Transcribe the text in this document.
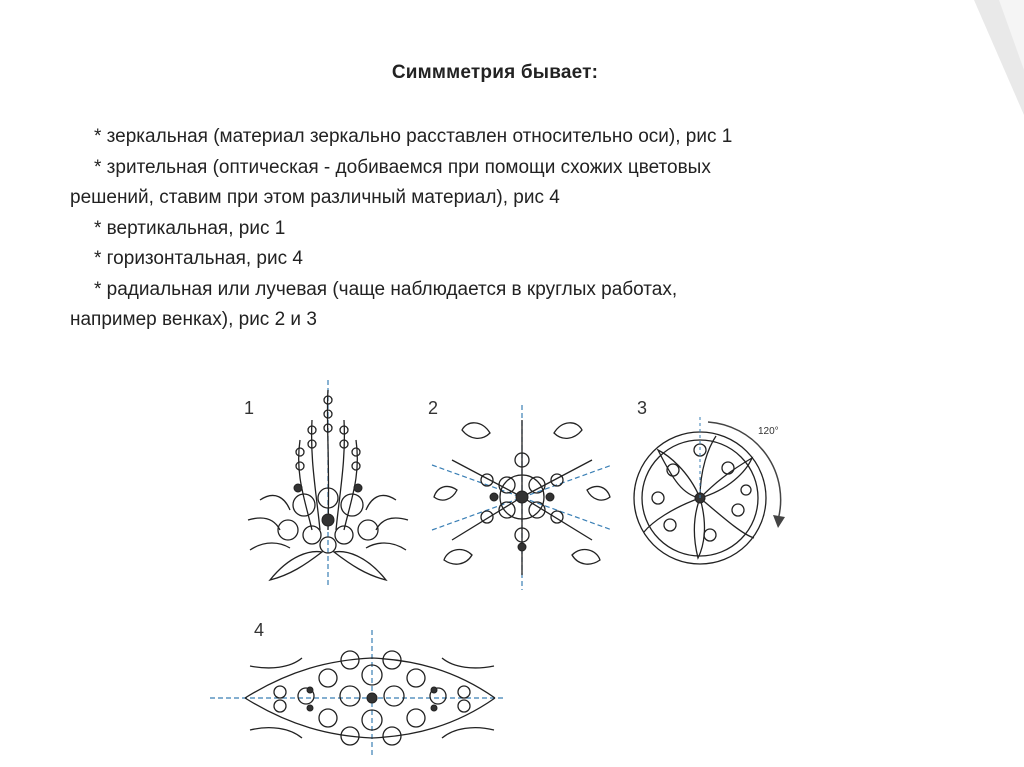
Симмметрия бывает:

* зеркальная (материал зеркально расставлен относительно оси), рис 1

* зрительная (оптическая - добиваемся при помощи схожих цветовых

решений, ставим при этом различный материал), рис 4

* вертикальная, рис 1

* горизонтальная, рис 4

* радиальная или лучевая (чаще наблюдается в круглых работах,

например венках), рис 2 и 3

1	2	3
4
120°
